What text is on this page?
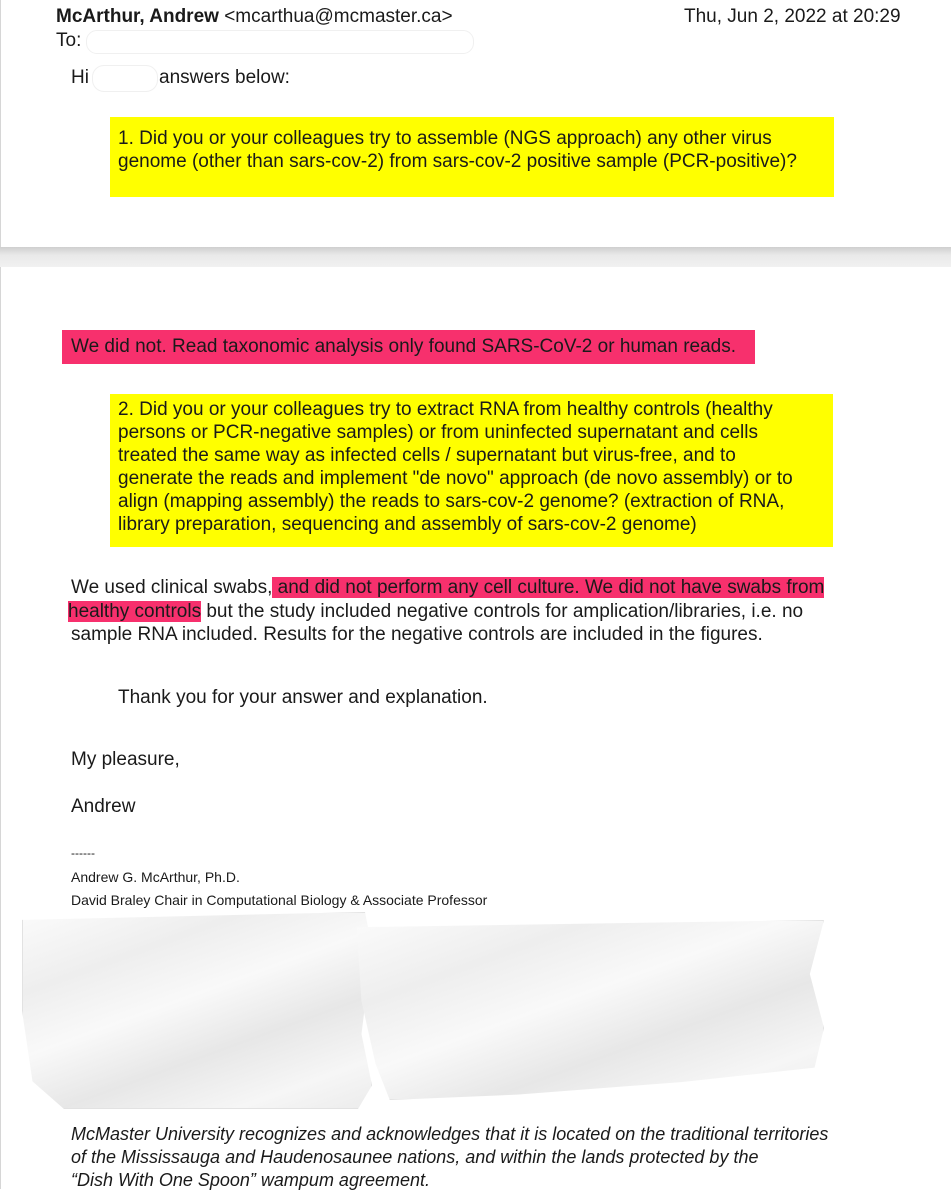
McArthur, Andrew <mcarthua@mcmaster.ca>	Thu, Jun 2, 2022 at 20:29
To:
Hi	answers below:
1. Did you or your colleagues try to assemble (NGS approach) any other virus
genome (other than sars-cov-2) from sars-cov-2 positive sample (PCR-positive)?
We did not. Read taxonomic analysis only found SARS-CoV-2 or human reads.
2. Did you or your colleagues try to extract RNA from healthy controls (healthy
persons or PCR-negative samples) or from uninfected supernatant and cells
treated the same way as infected cells / supernatant but virus-free, and to
generate the reads and implement "de novo" approach (de novo assembly) or to
align (mapping assembly) the reads to sars-cov-2 genome? (extraction of RNA,
library preparation, sequencing and assembly of sars-cov-2 genome)
We used clinical swabs, and did not perform any cell culture. We did not have swabs from
healthy controls but the study included negative controls for amplication/libraries, i.e. no
sample RNA included. Results for the negative controls are included in the figures.
Thank you for your answer and explanation.
My pleasure,
Andrew
------
Andrew G. McArthur, Ph.D.
David Braley Chair in Computational Biology & Associate Professor
McMaster University recognizes and acknowledges that it is located on the traditional territories
of the Mississauga and Haudenosaunee nations, and within the lands protected by the
“Dish With One Spoon” wampum agreement.
